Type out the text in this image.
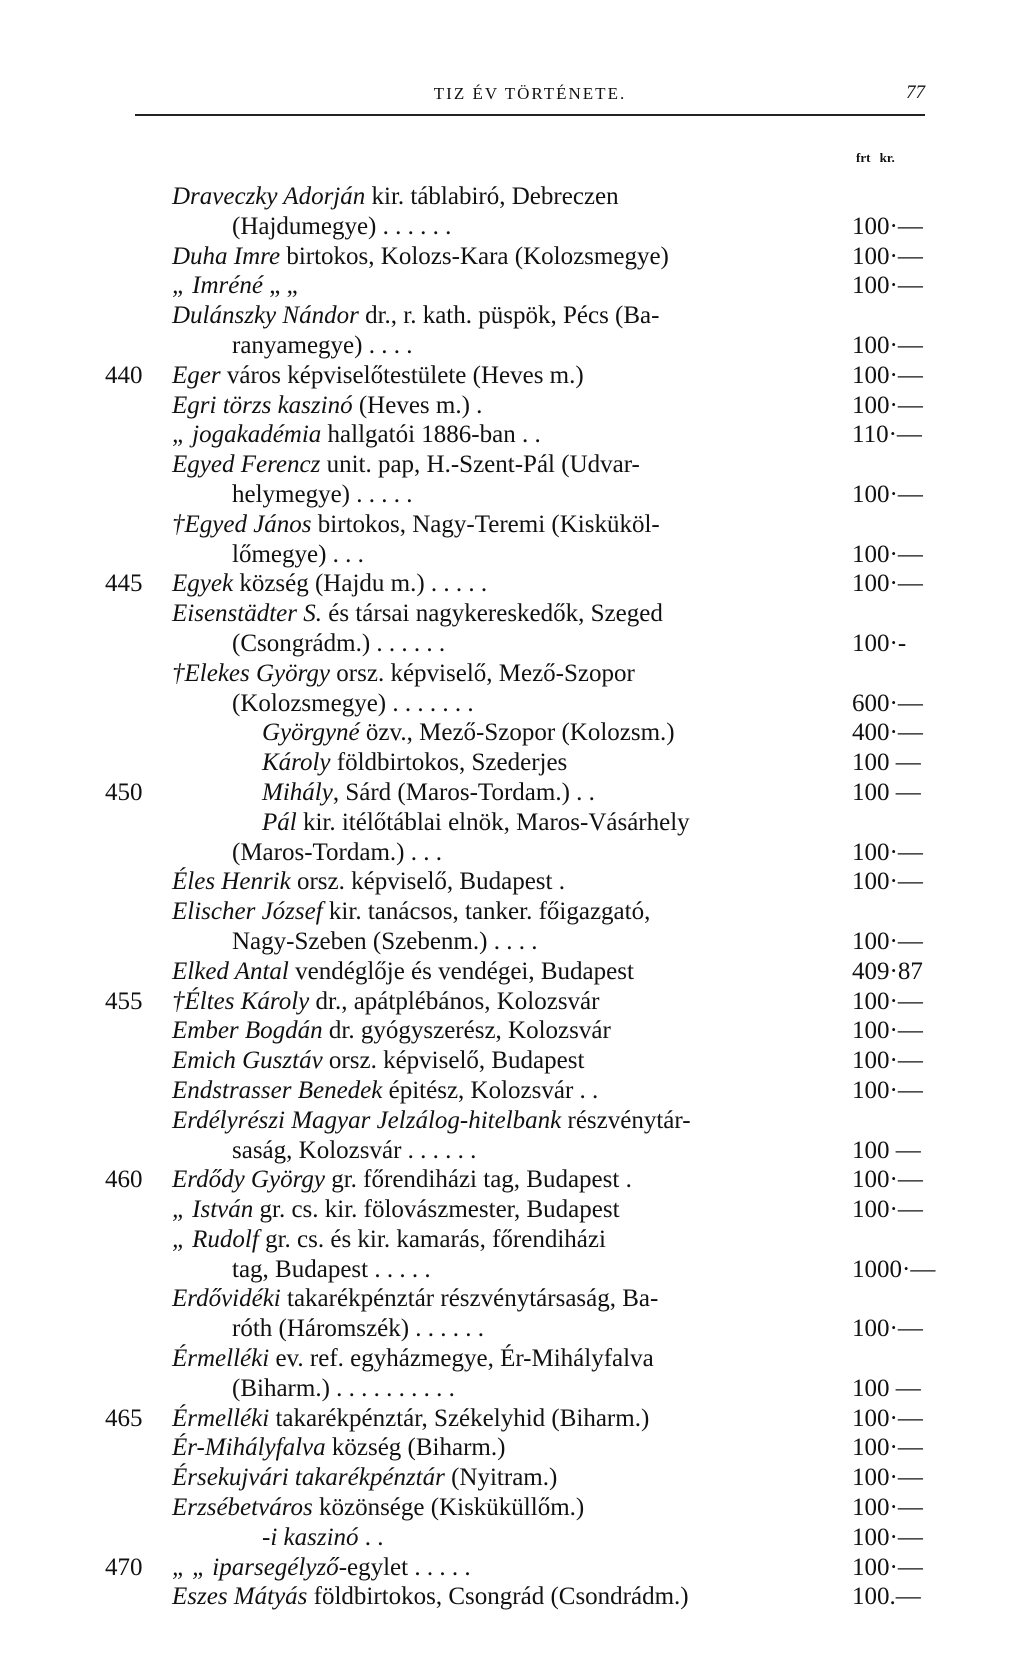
TIZ ÉV TÖRTÉNETE.	77
frt kr.
Draveczky Adorján kir. táblabiró, Debreczen
(Hajdumegye) . . . . . .	100·—
Duha Imre birtokos, Kolozs-Kara (Kolozsmegye)	100·—
„ Imréné „ „	100·—
Dulánszky Nándor dr., r. kath. püspök, Pécs (Ba-
ranyamegye) . . . .	100·—
440	Eger város képviselőtestülete (Heves m.)	100·—
Egri törzs kaszinó (Heves m.) .	100·—
„ jogakadémia hallgatói 1886-ban . .	110·—
Egyed Ferencz unit. pap, H.-Szent-Pál (Udvar-
helymegye) . . . . .	100·—
†Egyed János birtokos, Nagy-Teremi (Kisküköl-
lőmegye) . . .	100·—
445	Egyek község (Hajdu m.) . . . . .	100·—
Eisenstädter S. és társai nagykereskedők, Szeged
(Csongrádm.) . . . . . .	100·-
†Elekes György orsz. képviselő, Mező-Szopor
(Kolozsmegye) . . . . . . .	600·—
Györgyné özv., Mező-Szopor (Kolozsm.)	400·—
Károly földbirtokos, Szederjes	100 —
450	Mihály, Sárd (Maros-Tordam.) . .	100 —
Pál kir. itélőtáblai elnök, Maros-Vásárhely
(Maros-Tordam.) . . .	100·—
Éles Henrik orsz. képviselő, Budapest .	100·—
Elischer József kir. tanácsos, tanker. főigazgató,
Nagy-Szeben (Szebenm.) . . . .	100·—
Elked Antal vendéglője és vendégei, Budapest	409·87
455	†Éltes Károly dr., apátplébános, Kolozsvár	100·—
Ember Bogdán dr. gyógyszerész, Kolozsvár	100·—
Emich Gusztáv orsz. képviselő, Budapest	100·—
Endstrasser Benedek épitész, Kolozsvár . .	100·—
Erdélyrészi Magyar Jelzálog-hitelbank részvénytár-
saság, Kolozsvár . . . . . .	100 —
460	Erdődy György gr. főrendiházi tag, Budapest .	100·—
„ István gr. cs. kir. fölovászmester, Budapest	100·—
„ Rudolf gr. cs. és kir. kamarás, főrendiházi
tag, Budapest . . . . .	1000·—
Erdővidéki takarékpénztár részvénytársaság, Ba-
róth (Háromszék) . . . . . .	100·—
Érmelléki ev. ref. egyházmegye, Ér-Mihályfalva
(Biharm.) . . . . . . . . . .	100 —
465	Érmelléki takarékpénztár, Székelyhid (Biharm.)	100·—
Ér-Mihályfalva község (Biharm.)	100·—
Érsekujvári takarékpénztár (Nyitram.)	100·—
Erzsébetváros közönsége (Kisküküllőm.)	100·—
-i kaszinó . .	100·—
470	„ „ iparsegélyző-egylet . . . . .	100·—
Eszes Mátyás földbirtokos, Csongrád (Csondrádm.)	100.—
